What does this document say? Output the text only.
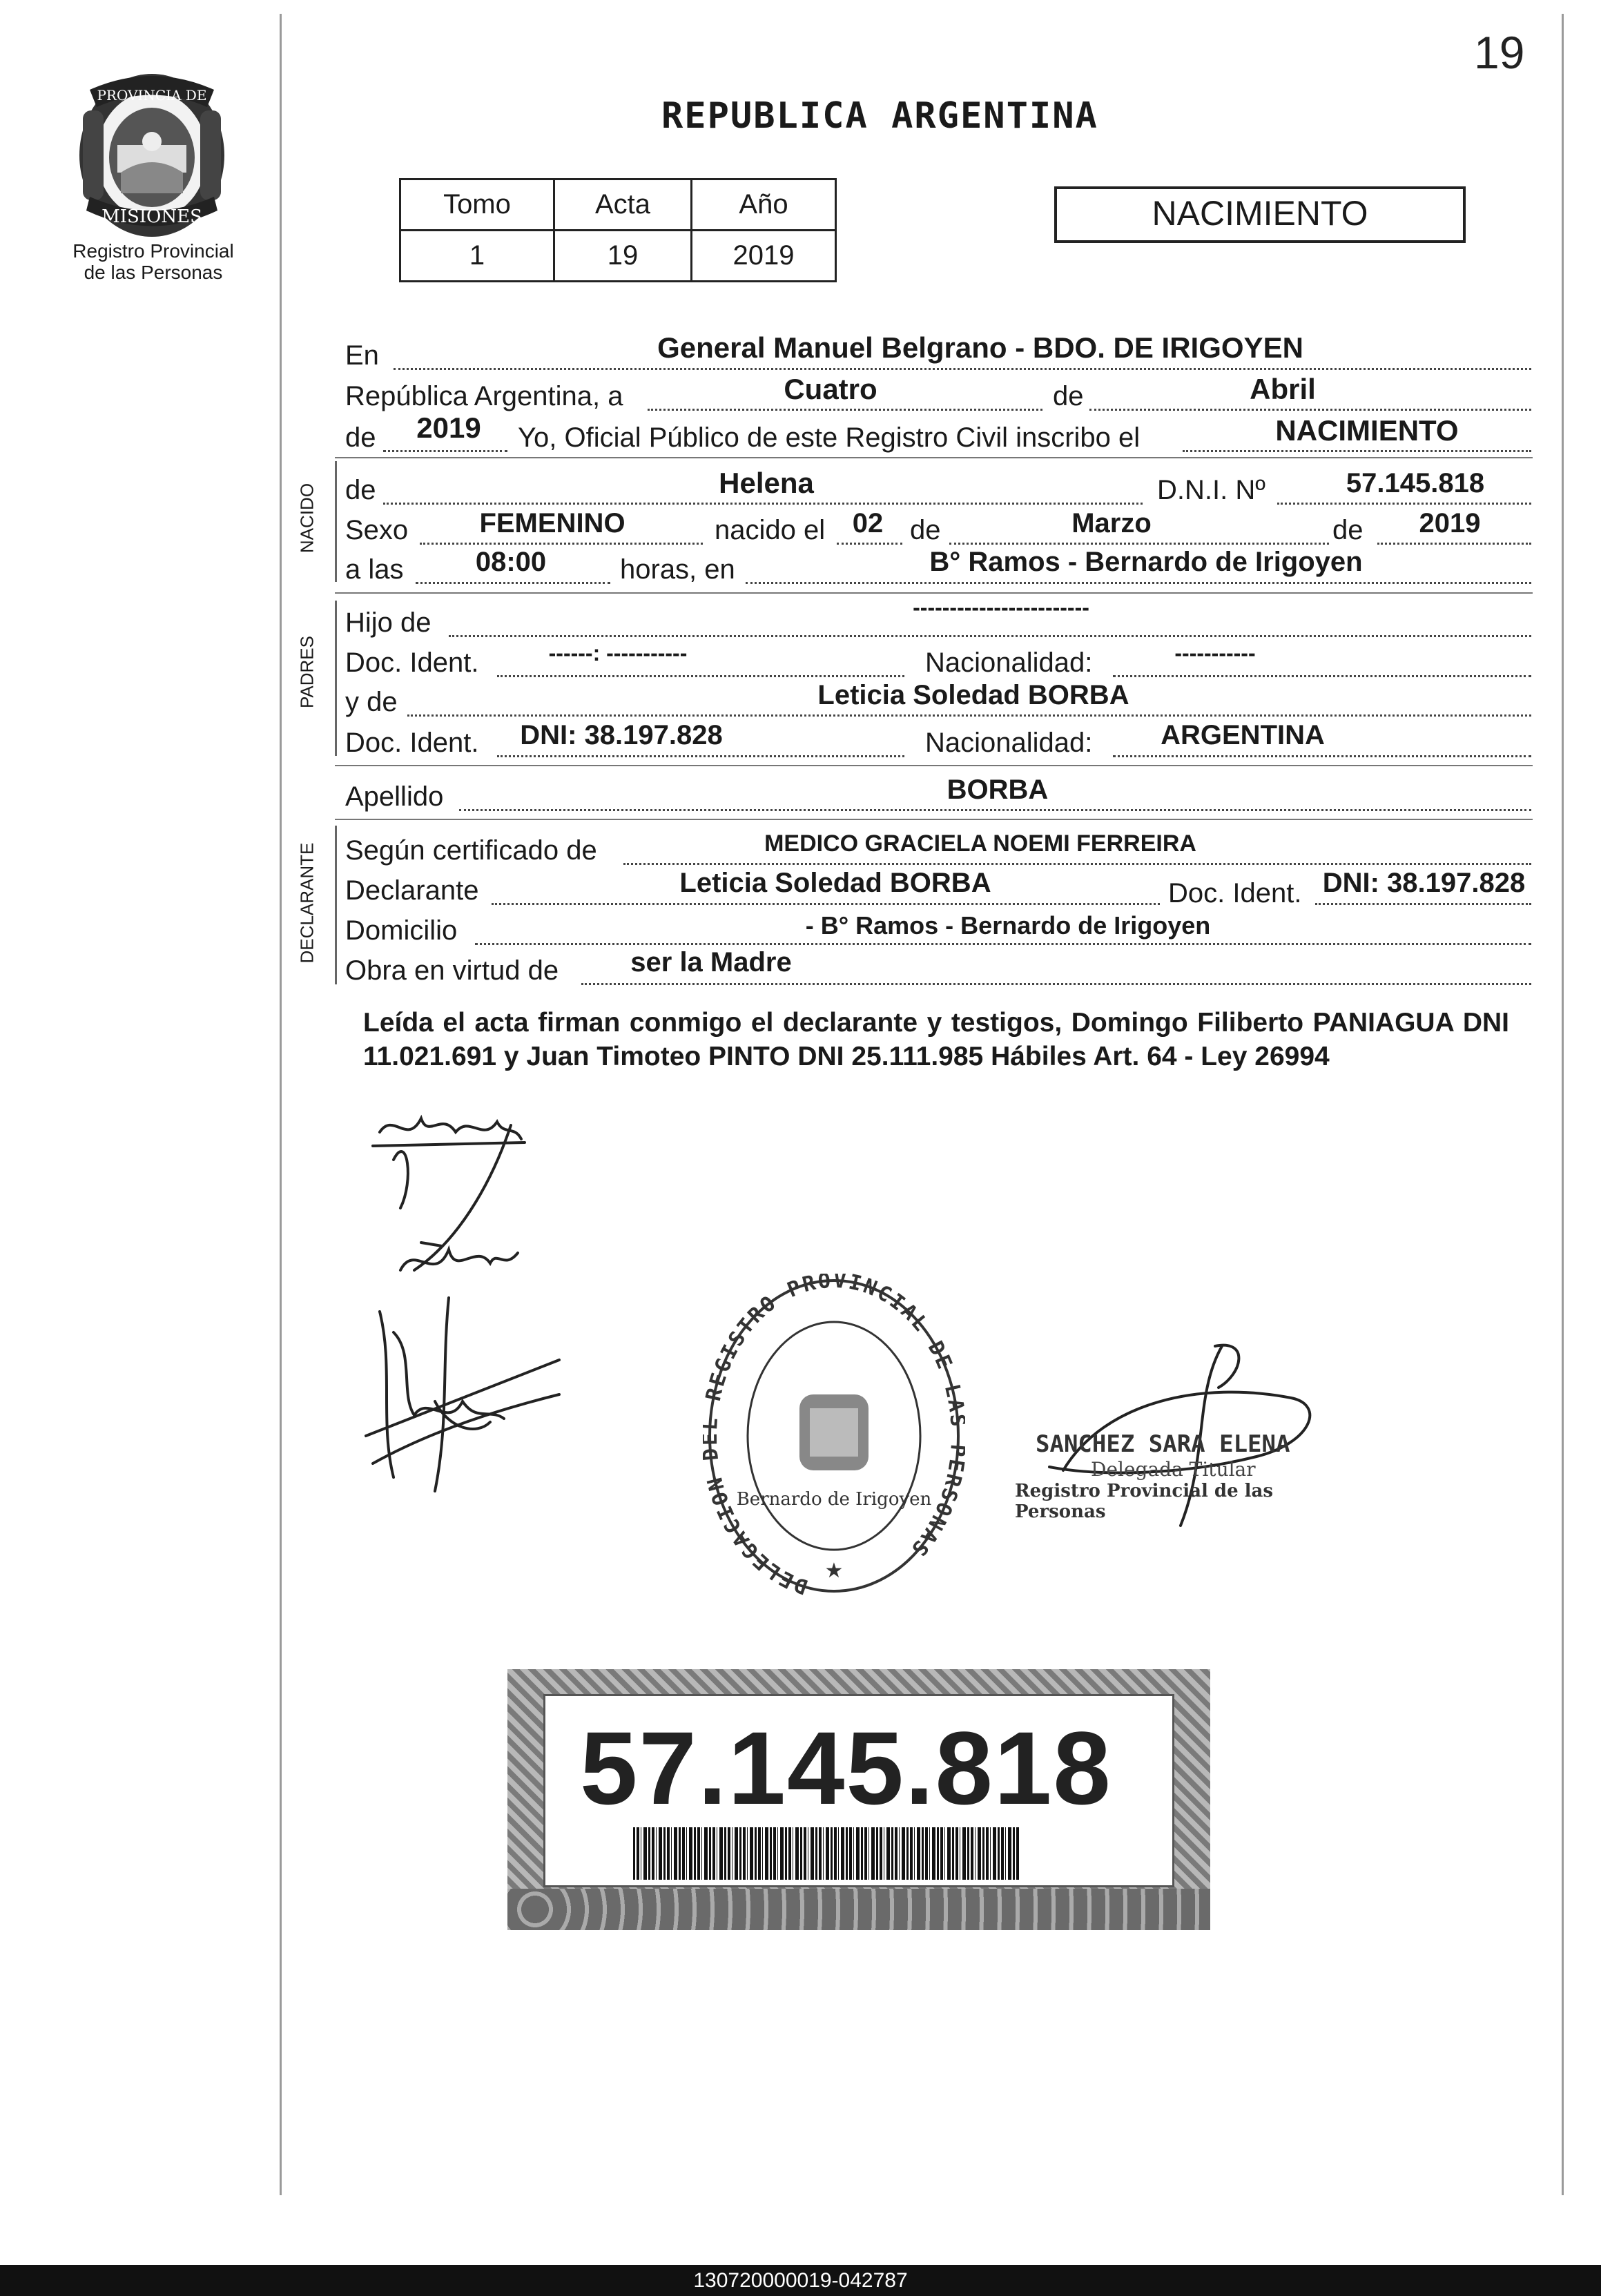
19
PROVINCIA DE
MISIONES
Registro Provincial
de las Personas
REPUBLICA ARGENTINA
Tomo	Acta	Año
1	19	2019
NACIMIENTO
En	General Manuel Belgrano - BDO. DE IRIGOYEN
República Argentina, a	Cuatro	de	Abril
de	2019	Yo, Oficial Público de este Registro Civil inscribo el	NACIMIENTO
NACIDO de	Helena	D.N.I. Nº	57.145.818
Sexo	FEMENINO	nacido el 02 de	Marzo	de	2019
a las	08:00	horas, en	B° Ramos - Bernardo de Irigoyen
PADRES
Hijo de	------------------------
Doc. Ident.	------: -----------	Nacionalidad:	-----------
y de	Leticia Soledad BORBA
Doc. Ident.	DNI: 38.197.828	Nacionalidad:	ARGENTINA
Apellido	BORBA
DECLARANTE Según certificado de	MEDICO GRACIELA NOEMI FERREIRA
Declarante	Leticia Soledad BORBA	Doc. Ident. DNI: 38.197.828
Domicilio	- B° Ramos - Bernardo de Irigoyen
Obra en virtud de	ser la Madre
Leída el acta firman conmigo el declarante y testigos, Domingo Filiberto PANIAGUA DNI 11.021.691 y Juan Timoteo PINTO DNI 25.111.985 Hábiles Art. 64 - Ley 26994
DELEGACION REGISTRO PROVINCIAL DE L RSONAS
Bernardo de Irigoyen
★
SANCHEZ SARA ELENA
Delegada Titular
Registro Provincial de las Personas
57.145.818
130720000019-042787
